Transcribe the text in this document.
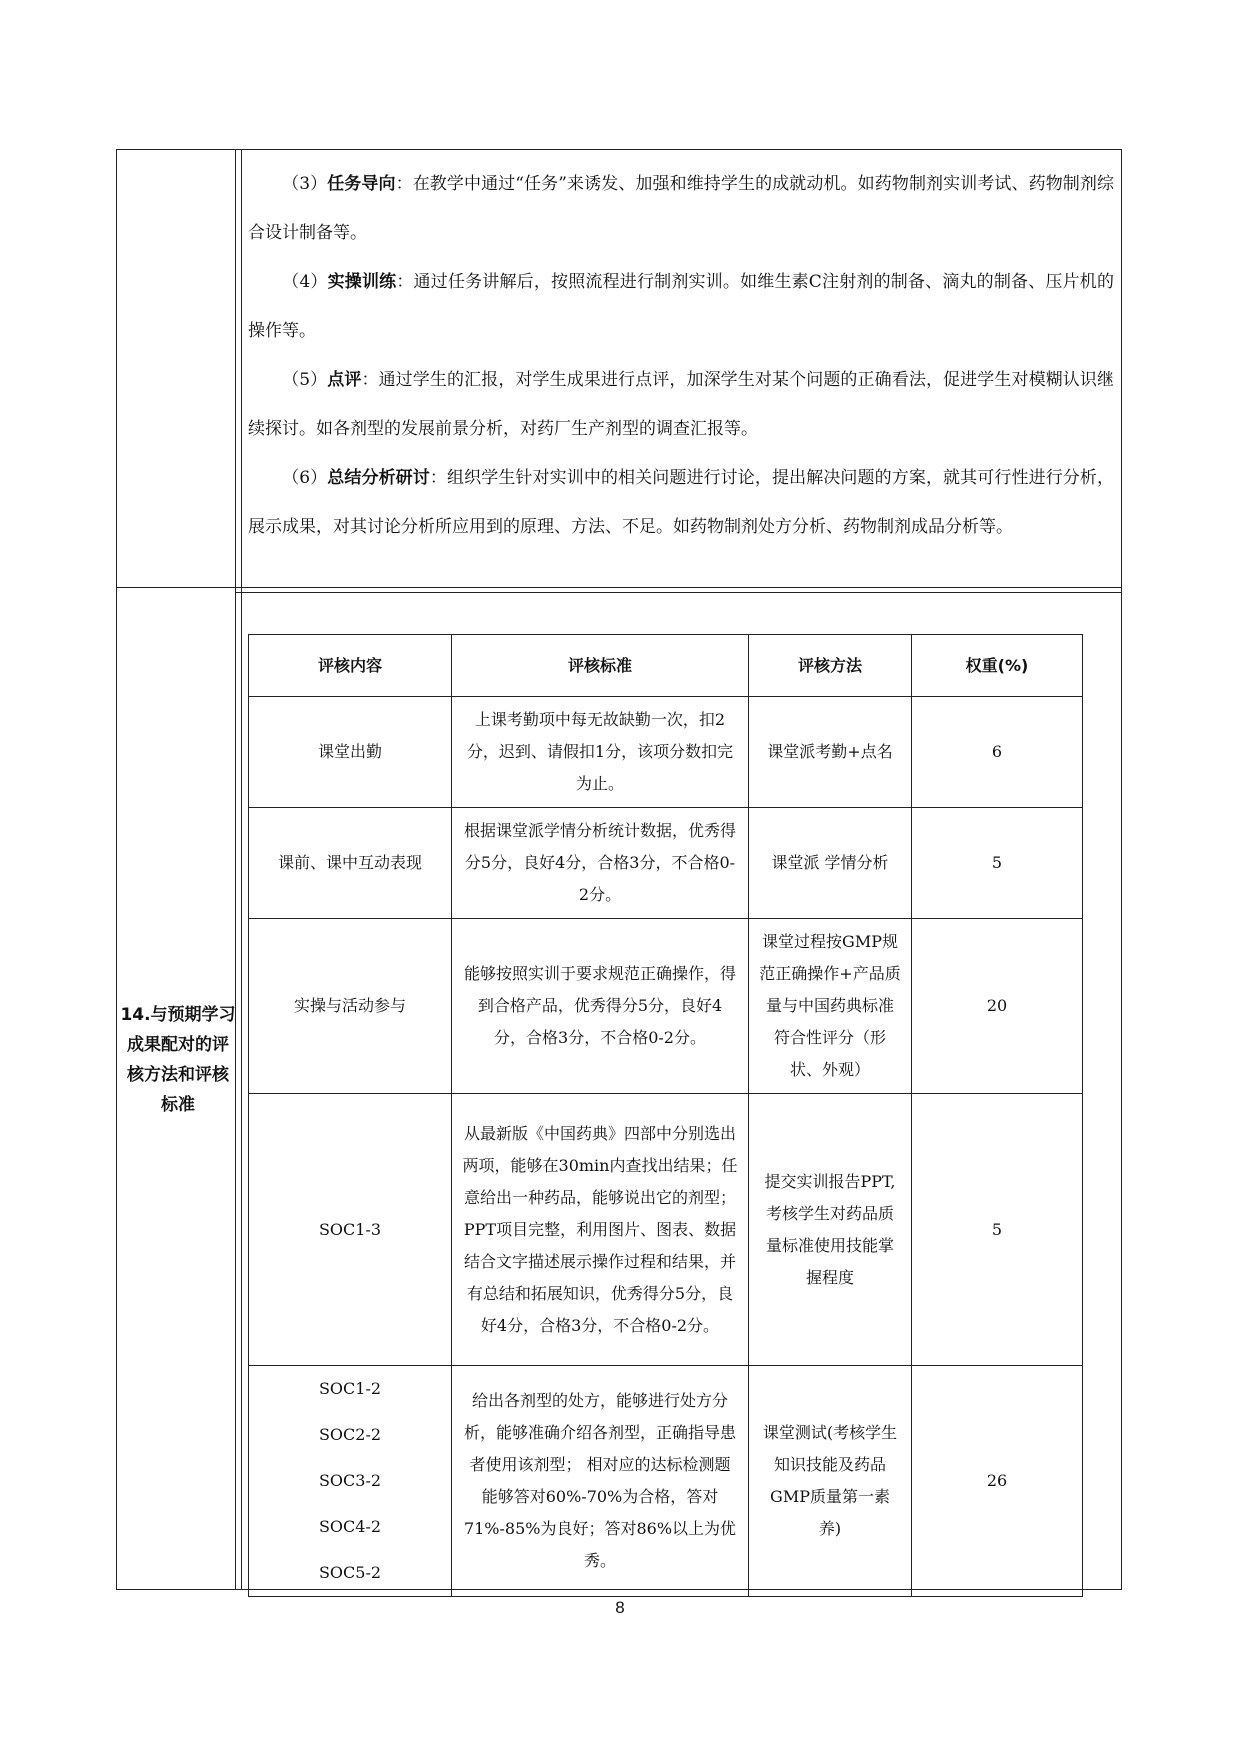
（3）任务导向：在教学中通过“任务”来诱发、加强和维持学生的成就动机。如药物制剂实训考试、药物制剂综合设计制备等。

（4）实操训练：通过任务讲解后，按照流程进行制剂实训。如维生素C注射剂的制备、滴丸的制备、压片机的操作等。

（5）点评：通过学生的汇报，对学生成果进行点评，加深学生对某个问题的正确看法，促进学生对模糊认识继续探讨。如各剂型的发展前景分析，对药厂生产剂型的调查汇报等。

（6）总结分析研讨：组织学生针对实训中的相关问题进行讨论，提出解决问题的方案，就其可行性进行分析，展示成果，对其讨论分析所应用到的原理、方法、不足。如药物制剂处方分析、药物制剂成品分析等。

14.与预期学习成果配对的评核方法和评核标准
评核内容	评核标准	评核方法	权重(%)
课堂出勤	上课考勤项中每无故缺勤一次，扣2分，迟到、请假扣1分，该项分数扣完为止。	课堂派考勤+点名	6
课前、课中互动表现	根据课堂派学情分析统计数据，优秀得分5分，良好4分，合格3分，不合格0-2分。	课堂派 学情分析	5
实操与活动参与	能够按照实训于要求规范正确操作，得到合格产品，优秀得分5分，良好4分，合格3分，不合格0-2分。	课堂过程按GMP规范正确操作+产品质量与中国药典标准符合性评分（形状、外观）	20
SOC1-3	从最新版《中国药典》四部中分别选出两项，能够在30min内查找出结果；任意给出一种药品，能够说出它的剂型；PPT项目完整，利用图片、图表、数据结合文字描述展示操作过程和结果，并有总结和拓展知识，优秀得分5分，良好4分，合格3分，不合格0-2分。	提交实训报告PPT,考核学生对药品质量标准使用技能掌握程度	5

SOC1-2
SOC2-2
SOC3-2
SOC4-2
SOC5-2	给出各剂型的处方，能够进行处方分析，能够准确介绍各剂型，正确指导患者使用该剂型； 相对应的达标检测题能够答对60%-70%为合格，答对71%-85%为良好；答对86%以上为优秀。	课堂测试(考核学生知识技能及药品GMP质量第一素养)	26
8
